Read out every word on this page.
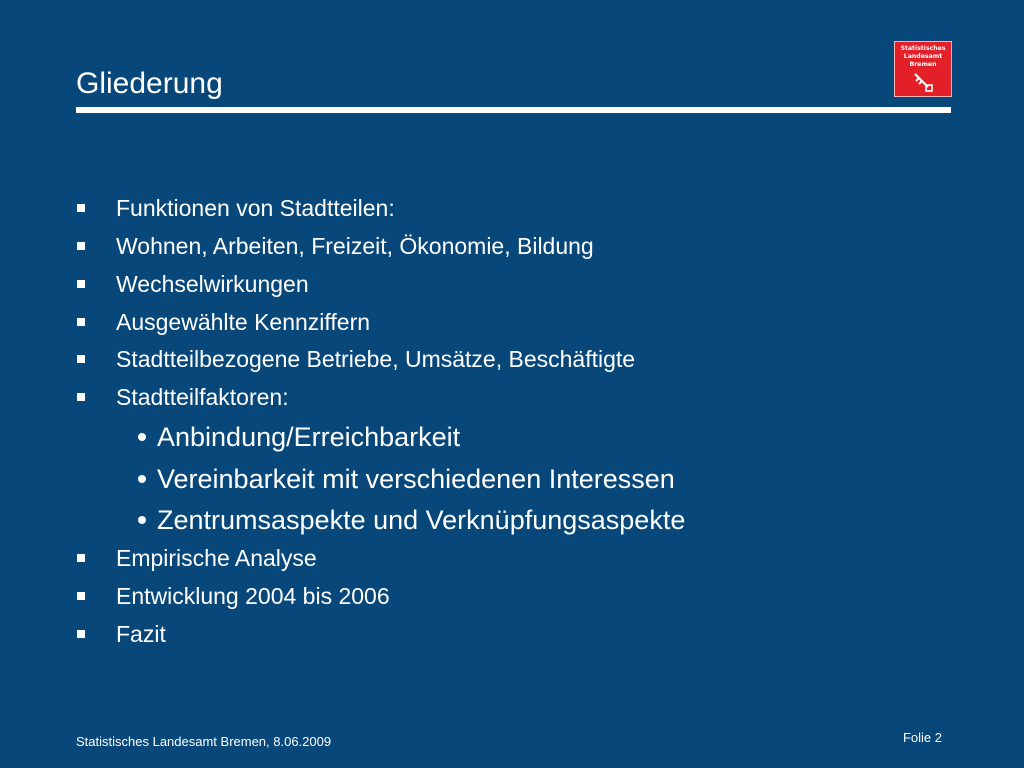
Gliederung
Statistisches
Landesamt
Bremen
Funktionen von Stadtteilen:
Wohnen, Arbeiten, Freizeit, Ökonomie, Bildung
Wechselwirkungen
Ausgewählte Kennziffern
Stadtteilbezogene Betriebe, Umsätze, Beschäftigte
Stadtteilfaktoren:
Anbindung/Erreichbarkeit
Vereinbarkeit mit verschiedenen Interessen
Zentrumsaspekte und Verknüpfungsaspekte
Empirische Analyse
Entwicklung 2004 bis 2006
Fazit
Statistisches Landesamt Bremen, 8.06.2009	Folie 2
